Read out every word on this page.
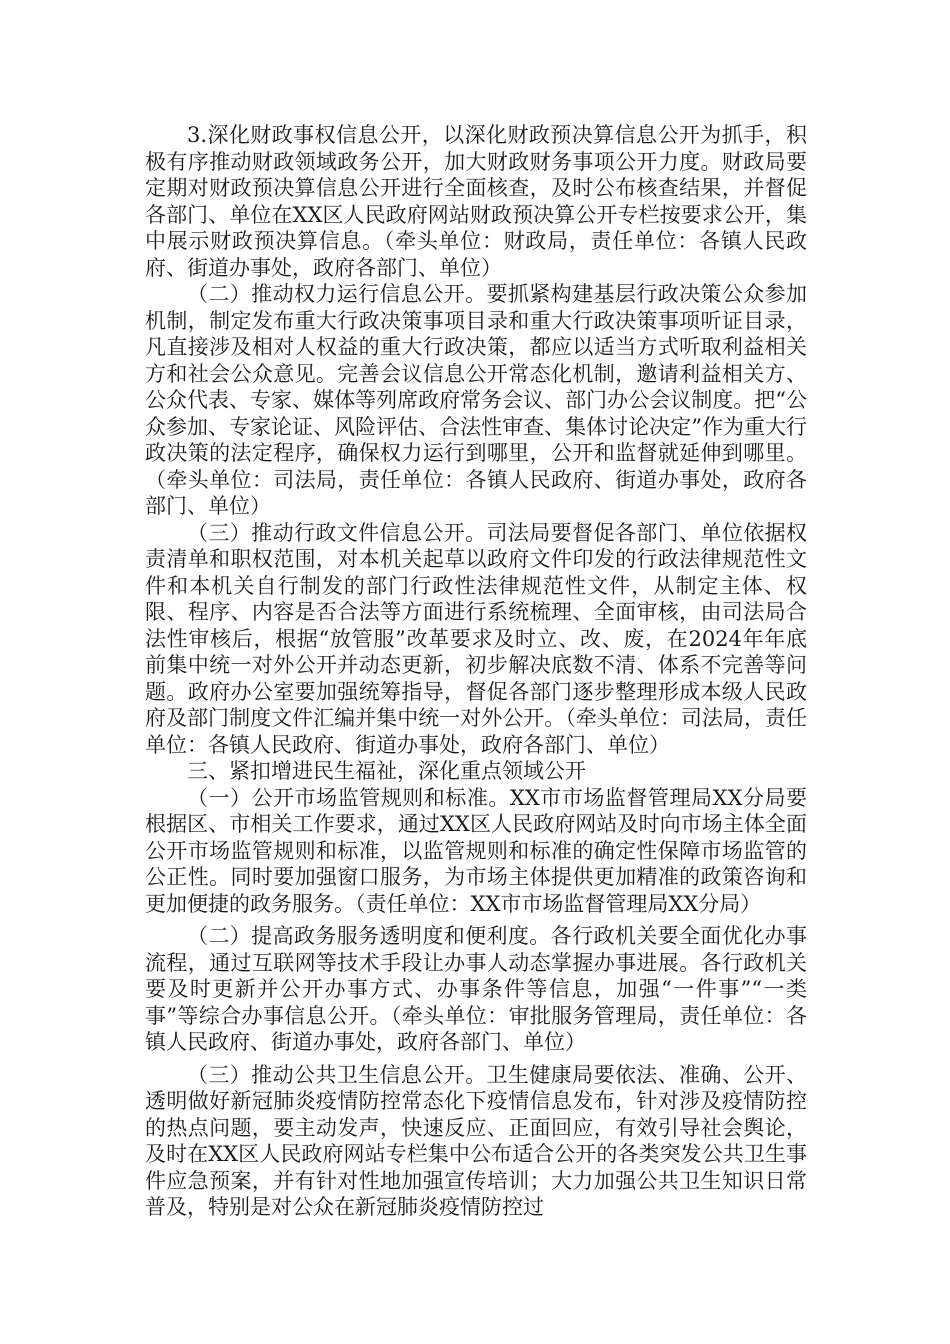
3.深化财政事权信息公开，以深化财政预决算信息公开为抓手，积极有序推动财政领域政务公开，加大财政财务事项公开力度。财政局要定期对财政预决算信息公开进行全面核查，及时公布核查结果，并督促各部门、单位在XX区人民政府网站财政预决算公开专栏按要求公开，集中展示财政预决算信息。（牵头单位：财政局，责任单位：各镇人民政府、街道办事处，政府各部门、单位）

（二）推动权力运行信息公开。要抓紧构建基层行政决策公众参加机制，制定发布重大行政决策事项目录和重大行政决策事项听证目录，凡直接涉及相对人权益的重大行政决策，都应以适当方式听取利益相关方和社会公众意见。完善会议信息公开常态化机制，邀请利益相关方、公众代表、专家、媒体等列席政府常务会议、部门办公会议制度。把“公众参加、专家论证、风险评估、合法性审查、集体讨论决定”作为重大行政决策的法定程序，确保权力运行到哪里，公开和监督就延伸到哪里。（牵头单位：司法局，责任单位：各镇人民政府、街道办事处，政府各部门、单位）

（三）推动行政文件信息公开。司法局要督促各部门、单位依据权责清单和职权范围，对本机关起草以政府文件印发的行政法律规范性文件和本机关自行制发的部门行政性法律规范性文件，从制定主体、权限、程序、内容是否合法等方面进行系统梳理、全面审核，由司法局合法性审核后，根据“放管服”改革要求及时立、改、废，在2024年年底前集中统一对外公开并动态更新，初步解决底数不清、体系不完善等问题。政府办公室要加强统筹指导，督促各部门逐步整理形成本级人民政府及部门制度文件汇编并集中统一对外公开。（牵头单位：司法局，责任单位：各镇人民政府、街道办事处，政府各部门、单位）

三、紧扣增进民生福祉，深化重点领域公开

（一）公开市场监管规则和标准。XX市市场监督管理局XX分局要根据区、市相关工作要求，通过XX区人民政府网站及时向市场主体全面公开市场监管规则和标准，以监管规则和标准的确定性保障市场监管的公正性。同时要加强窗口服务，为市场主体提供更加精准的政策咨询和更加便捷的政务服务。（责任单位：XX市市场监督管理局XX分局）

（二）提高政务服务透明度和便利度。各行政机关要全面优化办事流程，通过互联网等技术手段让办事人动态掌握办事进展。各行政机关要及时更新并公开办事方式、办事条件等信息，加强“一件事”“一类事”等综合办事信息公开。（牵头单位：审批服务管理局，责任单位：各镇人民政府、街道办事处，政府各部门、单位）

（三）推动公共卫生信息公开。卫生健康局要依法、准确、公开、透明做好新冠肺炎疫情防控常态化下疫情信息发布，针对涉及疫情防控的热点问题，要主动发声，快速反应、正面回应，有效引导社会舆论，及时在XX区人民政府网站专栏集中公布适合公开的各类突发公共卫生事件应急预案，并有针对性地加强宣传培训；大力加强公共卫生知识日常普及，特别是对公众在新冠肺炎疫情防控过
